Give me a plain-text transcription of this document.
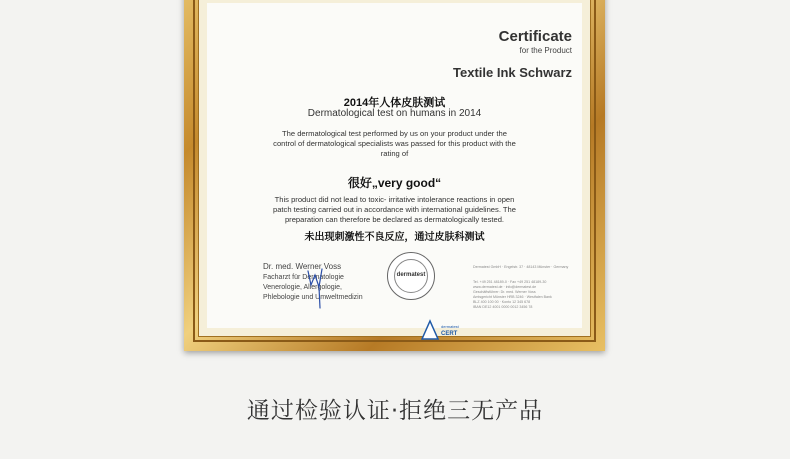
Certificate
for the Product
Textile Ink Schwarz
2014年人体皮肤测试
Dermatological test on humans in 2014
The dermatological test performed by us on your product under the
control of dermatological specialists was passed for this product with the
rating of
很好„very good“
This product did not lead to toxic- irritative intolerance reactions in open
patch testing carried out in accordance with international guidelines. The
preparation can therefore be declared as dermatologically tested.
未出现刺激性不良反应，通过皮肤科测试
Dr. med. Werner Voss
Facharzt für Dermatologie
Venerologie, Allergologie,
Phlebologie und Umweltmedizin
dermatest
Dermatest GmbH · Engelstr. 37 · 48143 Münster · Germany
Tel. +49 251 48189-0 · Fax +49 251 48189-30
www.dermatest.de · info@dermatest.de
Geschäftsführer: Dr. med. Werner Voss
Amtsgericht Münster HRB 3246 · Westfalen Bank
BLZ 400 100 00 · Konto 12 345 678
IBAN DE12 4001 0000 0012 3456 78
dermatest
CERT
通过检验认证·拒绝三无产品
